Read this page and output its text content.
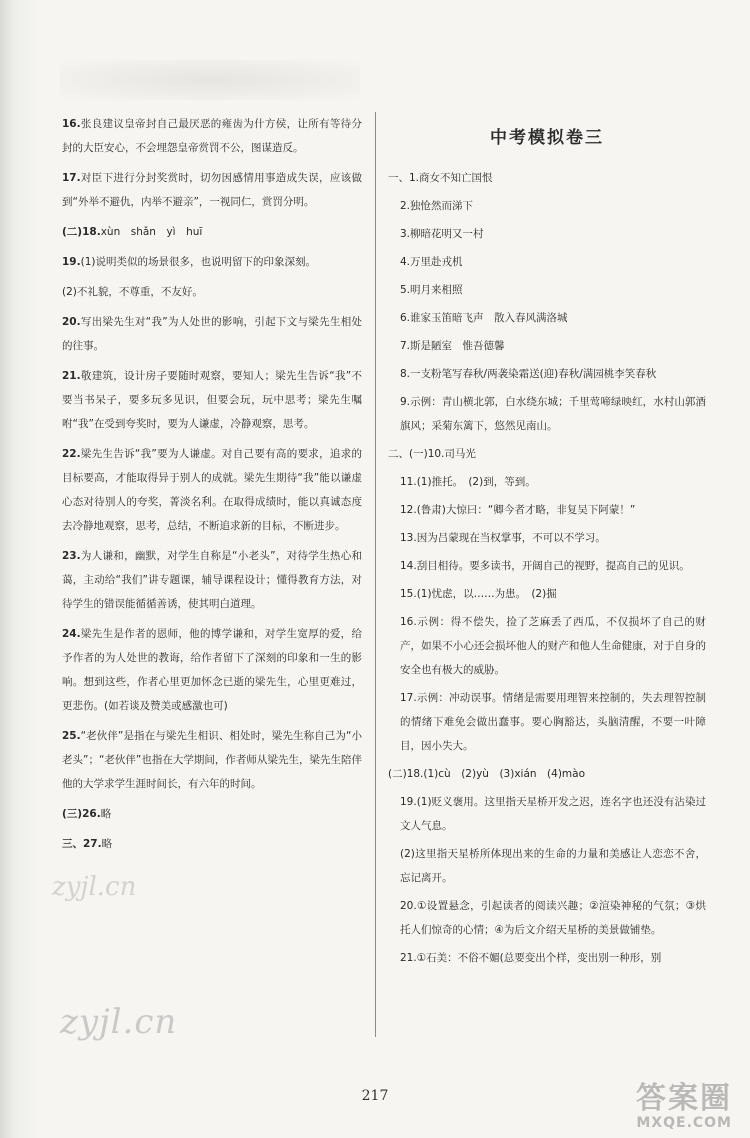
16.张良建议皇帝封自己最厌恶的雍齿为什方侯，让所有等待分封的大臣安心，不会埋怨皇帝赏罚不公，图谋造反。
17.对臣下进行分封奖赏时，切勿因感情用事造成失误，应该做到“外举不避仇，内举不避亲”，一视同仁，赏罚分明。
(二)18.xùn　shǎn　yì　huī
19.(1)说明类似的场景很多，也说明留下的印象深刻。
(2)不礼貌，不尊重，不友好。
20.写出梁先生对“我”为人处世的影响，引起下文与梁先生相处的往事。
21.敬建筑，设计房子要随时观察，要知人；梁先生告诉“我”不要当书呆子，要多玩多见识，但要会玩，玩中思考；梁先生嘱咐“我”在受到夸奖时，要为人谦虚，冷静观察，思考。
22.梁先生告诉“我”要为人谦虚。对自己要有高的要求，追求的目标要高，才能取得异于别人的成就。梁先生期待“我”能以谦虚心态对待别人的夸奖，菁淡名利。在取得成绩时，能以真诚态度去冷静地观察，思考，总结，不断追求新的目标，不断进步。
23.为人谦和，幽默，对学生自称是“小老头”，对待学生热心和蔼，主动给“我们”讲专题课，辅导课程设计；懂得教育方法，对待学生的错误能循循善诱，使其明白道理。
24.梁先生是作者的恩师，他的博学谦和，对学生宽厚的爱，给予作者的为人处世的教诲，给作者留下了深刻的印象和一生的影响。想到这些，作者心里更加怀念已逝的梁先生，心里更难过，更悲伤。(如若谈及赞美或感激也可)
25.“老伙伴”是指在与梁先生相识、相处时，梁先生称自己为“小老头”；“老伙伴”也指在大学期间，作者师从梁先生，梁先生陪伴他的大学求学生涯时间长，有六年的时间。
(三)26.略
三、27.略
中考模拟卷三
一、1.商女不知亡国恨
2.独怆然而涕下
3.柳暗花明又一村
4.万里赴戎机
5.明月来相照
6.谁家玉笛暗飞声　散入春风满洛城
7.斯是陋室　惟吾德馨
8.一支粉笔写春秋/两袭染霜送(迎)春秋/满园桃李笑春秋
9.示例：青山横北郭，白水绕东城；千里莺啼绿映红，水村山郭酒旗风；采菊东篱下，悠然见南山。
二、(一)10.司马光
11.(1)推托。　(2)到，等到。
12.(鲁肃)大惊曰：“卿今者才略，非复吴下阿蒙！”
13.因为吕蒙现在当权掌事，不可以不学习。
14.刮目相待。要多读书，开阔自己的视野，提高自己的见识。
15.(1)忧虑，以……为患。　(2)掘
16.示例：得不偿失，捡了芝麻丢了西瓜，不仅损坏了自己的财产，如果不小心还会损坏他人的财产和他人生命健康，对于自身的安全也有极大的威胁。
17.示例：冲动误事。情绪是需要用理智来控制的，失去理智控制的情绪下难免会做出蠢事。要心胸豁达，头脑清醒，不要一叶障目，因小失大。
(二)18.(1)cù　(2)yù　(3)xián　(4)mào
19.(1)贬义褒用。这里指天星桥开发之迟，连名字也还没有沾染过文人气息。
(2)这里指天星桥所体现出来的生命的力量和美感让人恋恋不舍，忘记离开。
20.①设置悬念，引起读者的阅读兴趣；②渲染神秘的气氛；③烘托人们惊奇的心情；④为后文介绍天星桥的美景做铺垫。
21.①石美：不俗不媚(总要变出个样，变出别一种形，别
zyjl.cn
zyjl.cn
217	答案圈
MXQE.COM
